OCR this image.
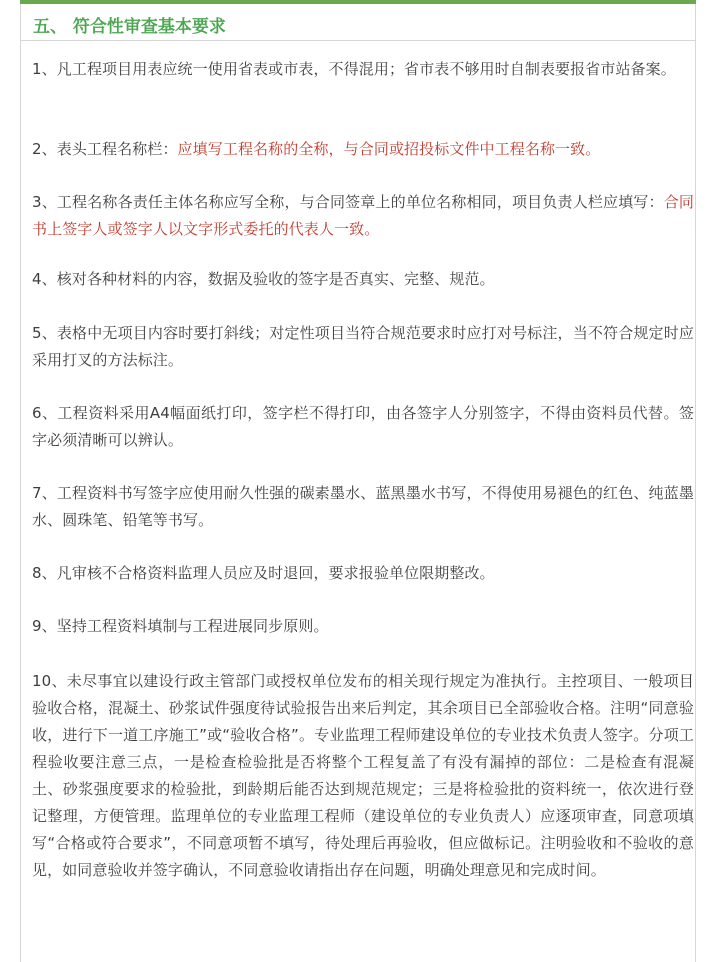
五、 符合性审查基本要求

1、凡工程项目用表应统一使用省表或市表，不得混用；省市表不够用时自制表要报省市站备案。

2、表头工程名称栏：应填写工程名称的全称，与合同或招投标文件中工程名称一致。

3、工程名称各责任主体名称应写全称，与合同签章上的单位名称相同，项目负责人栏应填写：合同书上签字人或签字人以文字形式委托的代表人一致。

4、核对各种材料的内容，数据及验收的签字是否真实、完整、规范。

5、表格中无项目内容时要打斜线；对定性项目当符合规范要求时应打对号标注，当不符合规定时应采用打叉的方法标注。

6、工程资料采用A4幅面纸打印，签字栏不得打印，由各签字人分别签字，不得由资料员代替。签字必须清晰可以辨认。

7、工程资料书写签字应使用耐久性强的碳素墨水、蓝黑墨水书写，不得使用易褪色的红色、纯蓝墨水、圆珠笔、铅笔等书写。

8、凡审核不合格资料监理人员应及时退回，要求报验单位限期整改。

9、坚持工程资料填制与工程进展同步原则。

10、未尽事宜以建设行政主管部门或授权单位发布的相关现行规定为准执行。主控项目、一般项目验收合格，混凝土、砂浆试件强度待试验报告出来后判定，其余项目已全部验收合格。注明“同意验收，进行下一道工序施工”或“验收合格”。专业监理工程师建设单位的专业技术负责人签字。分项工程验收要注意三点，一是检查检验批是否将整个工程复盖了有没有漏掉的部位：二是检查有混凝土、砂浆强度要求的检验批，到龄期后能否达到规范规定；三是将检验批的资料统一，依次进行登记整理，方便管理。监理单位的专业监理工程师（建设单位的专业负责人）应逐项审查，同意项填写“合格或符合要求”，不同意项暂不填写，待处理后再验收，但应做标记。注明验收和不验收的意见，如同意验收并签字确认，不同意验收请指出存在问题，明确处理意见和完成时间。
